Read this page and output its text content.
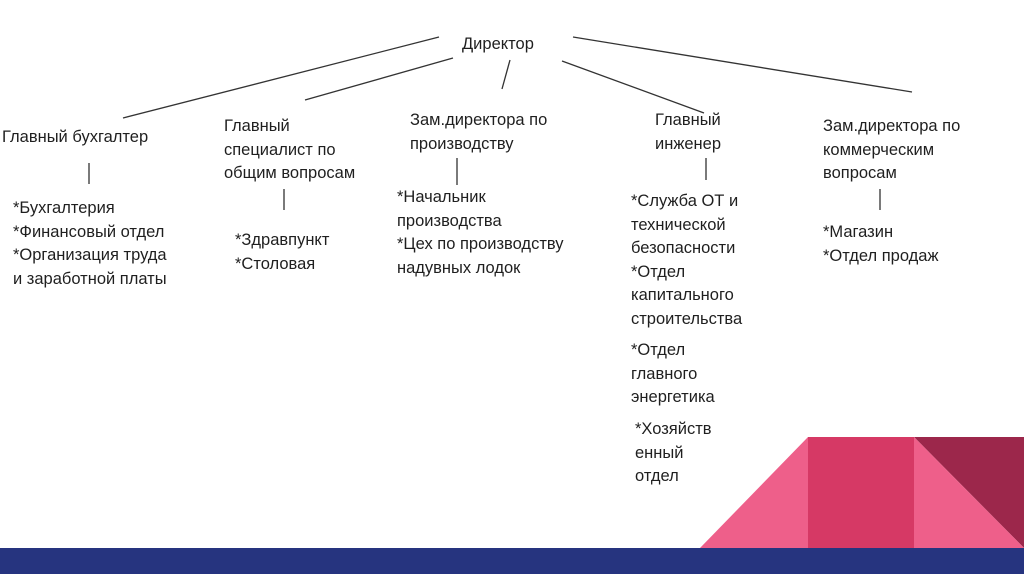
Директор
Главный бухгалтер
*Бухгалтерия
*Финансовый отдел
*Организация труда
и заработной платы
Главный
специалист по
общим вопросам
*Здравпункт
*Столовая
Зам.директора по
производству
*Начальник
производства
*Цех по производству
надувных лодок
Главный
инженер
*Служба ОТ и
технической
безопасности
*Отдел
капитального
строительства
*Отдел
главного
энергетика
*Хозяйств
енный
отдел
Зам.директора по
коммерческим
вопросам
*Магазин
*Отдел продаж
